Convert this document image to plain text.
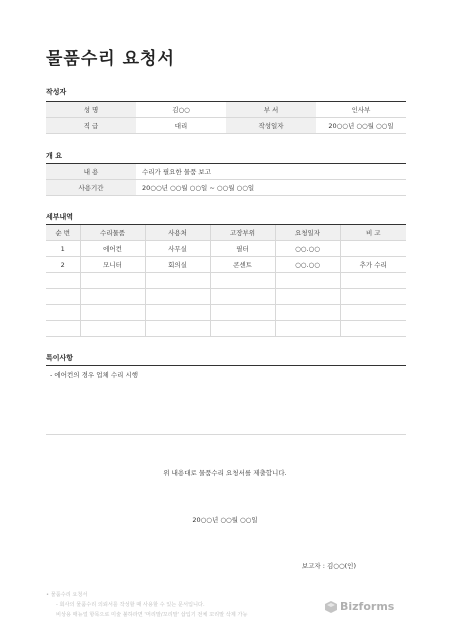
물품수리 요청서
작성자
성 명	김○○	부 서	인사부
직 급	대리	작성일자	20○○년 ○○월 ○○일
개 요
내 용	수리가 필요한 물품 보고
사용기간	20○○년 ○○월 ○○일 ~ ○○월 ○○일
세부내역
순 번	수리물품	사용처	고장부위	요청일자	비 고
1	에어컨	사무실	필터	○○.○○	
2	모니터	회의실	콘센트	○○.○○	추가 수리

특이사항
- 에어컨의 경우 업체 수리 시행
위 내용대로 물품수리 요청서를 제출합니다.
20○○년 ○○월 ○○일
보고자 : 김○○(인)
• 물품수리 요청서
- 회사의 물품수리 의뢰서를 작성할 때 사용할 수 있는 문서입니다.
비상용 매뉴얼 항목으로 미술 불하라면 '머리말/꼬리말' 삽입기 전체 꼬리말 삭제 가능
Bizforms
